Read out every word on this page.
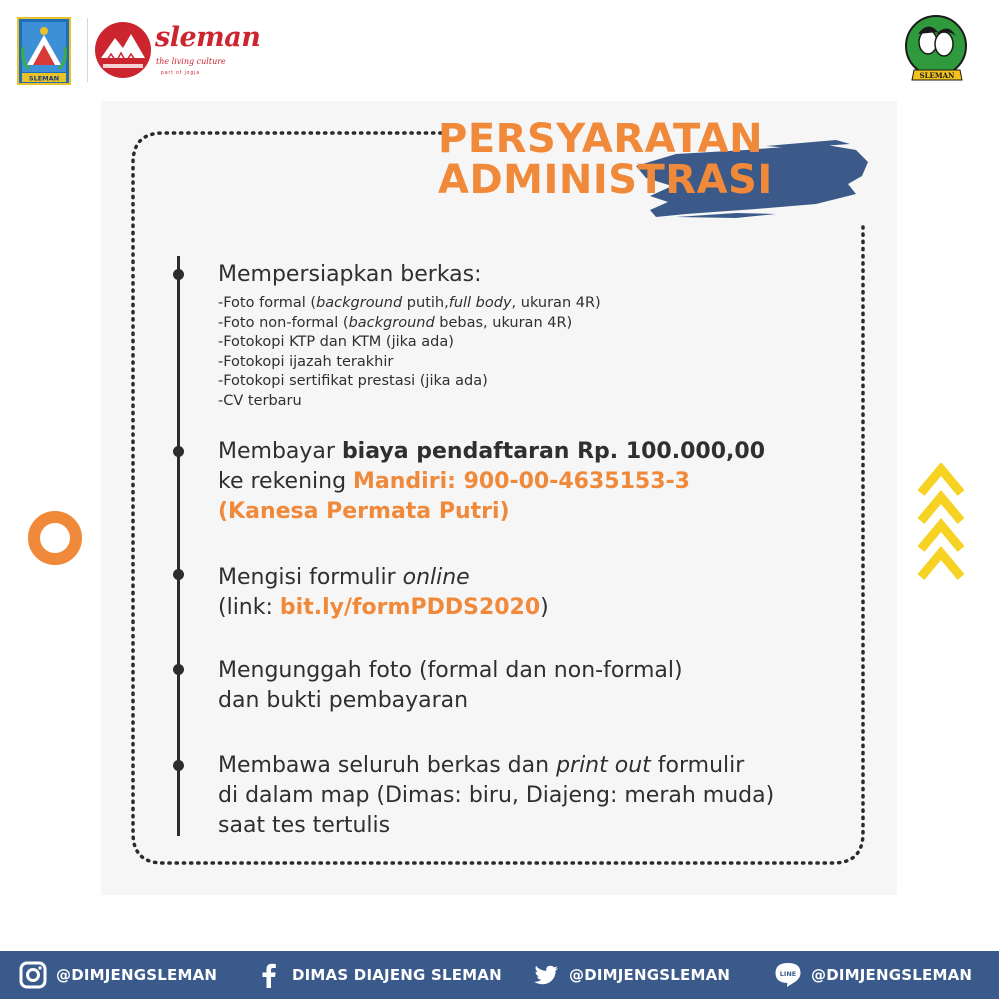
SLEMAN
sleman
the living culture
part of jogja	SLEMAN
PERSYARATAN
ADMINISTRASI
Mempersiapkan berkas:
-Foto formal (background putih,full body, ukuran 4R)
-Foto non-formal (background bebas, ukuran 4R)
-Fotokopi KTP dan KTM (jika ada)
-Fotokopi ijazah terakhir
-Fotokopi sertifikat prestasi (jika ada)
-CV terbaru
Membayar biaya pendaftaran Rp. 100.000,00
ke rekening Mandiri: 900-00-4635153-3
(Kanesa Permata Putri)
Mengisi formulir online
(link: bit.ly/formPDDS2020)
Mengunggah foto (formal dan non-formal)
dan bukti pembayaran
Membawa seluruh berkas dan print out formulir
di dalam map (Dimas: biru, Diajeng: merah muda)
saat tes tertulis
@DIMJENGSLEMAN	DIMAS DIAJENG SLEMAN	@DIMJENGSLEMAN	LINE @DIMJENGSLEMAN
